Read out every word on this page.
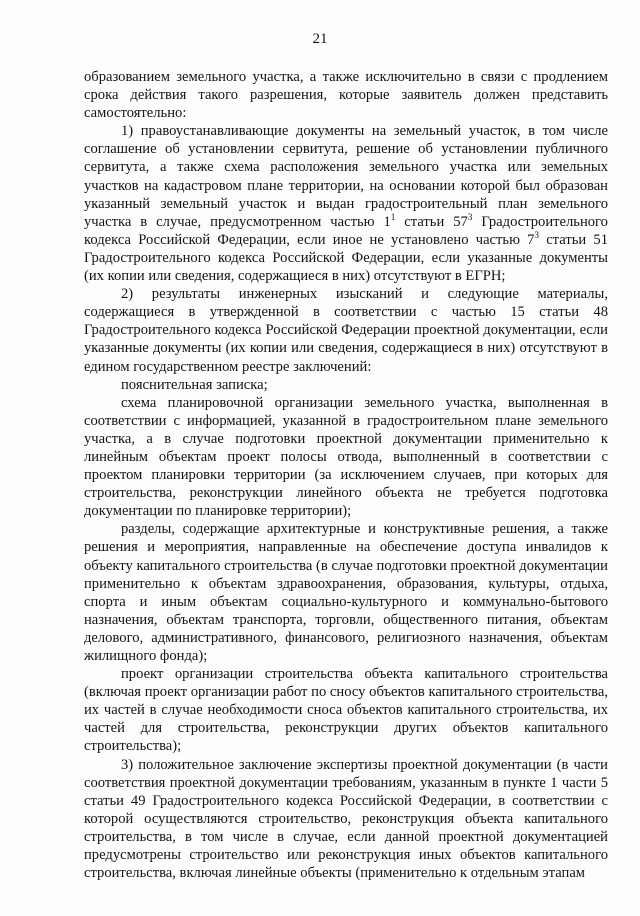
21

образованием земельного участка, а также исключительно в связи с продлением срока действия такого разрешения, которые заявитель должен представить самостоятельно:

1) правоустанавливающие документы на земельный участок, в том числе соглашение об установлении сервитута, решение об установлении публичного сервитута, а также схема расположения земельного участка или земельных участков на кадастровом плане территории, на основании которой был образован указанный земельный участок и выдан градостроительный план земельного участка в случае, предусмотренном частью $1^1$ статьи $57^3$ Градостроительного кодекса Российской Федерации, если иное не установлено частью $7^3$ статьи 51 Градостроительного кодекса Российской Федерации, если указанные документы (их копии или сведения, содержащиеся в них) отсутствуют в ЕГРН;

2) результаты инженерных изысканий и следующие материалы, содержащиеся в утвержденной в соответствии с частью 15 статьи 48 Градостроительного кодекса Российской Федерации проектной документации, если указанные документы (их копии или сведения, содержащиеся в них) отсутствуют в едином государственном реестре заключений:

пояснительная записка;

схема планировочной организации земельного участка, выполненная в соответствии с информацией, указанной в градостроительном плане земельного участка, а в случае подготовки проектной документации применительно к линейным объектам проект полосы отвода, выполненный в соответствии с проектом планировки территории (за исключением случаев, при которых для строительства, реконструкции линейного объекта не требуется подготовка документации по планировке территории);

разделы, содержащие архитектурные и конструктивные решения, а также решения и мероприятия, направленные на обеспечение доступа инвалидов к объекту капитального строительства (в случае подготовки проектной документации применительно к объектам здравоохранения, образования, культуры, отдыха, спорта и иным объектам социально-культурного и коммунально-бытового назначения, объектам транспорта, торговли, общественного питания, объектам делового, административного, финансового, религиозного назначения, объектам жилищного фонда);

проект организации строительства объекта капитального строительства (включая проект организации работ по сносу объектов капитального строительства, их частей в случае необходимости сноса объектов капитального строительства, их частей для строительства, реконструкции других объектов капитального строительства);

3) положительное заключение экспертизы проектной документации (в части соответствия проектной документации требованиям, указанным в пункте 1 части 5 статьи 49 Градостроительного кодекса Российской Федерации, в соответствии с которой осуществляются строительство, реконструкция объекта капитального строительства, в том числе в случае, если данной проектной документацией предусмотрены строительство или реконструкция иных объектов капитального строительства, включая линейные объекты (применительно к отдельным этапам
